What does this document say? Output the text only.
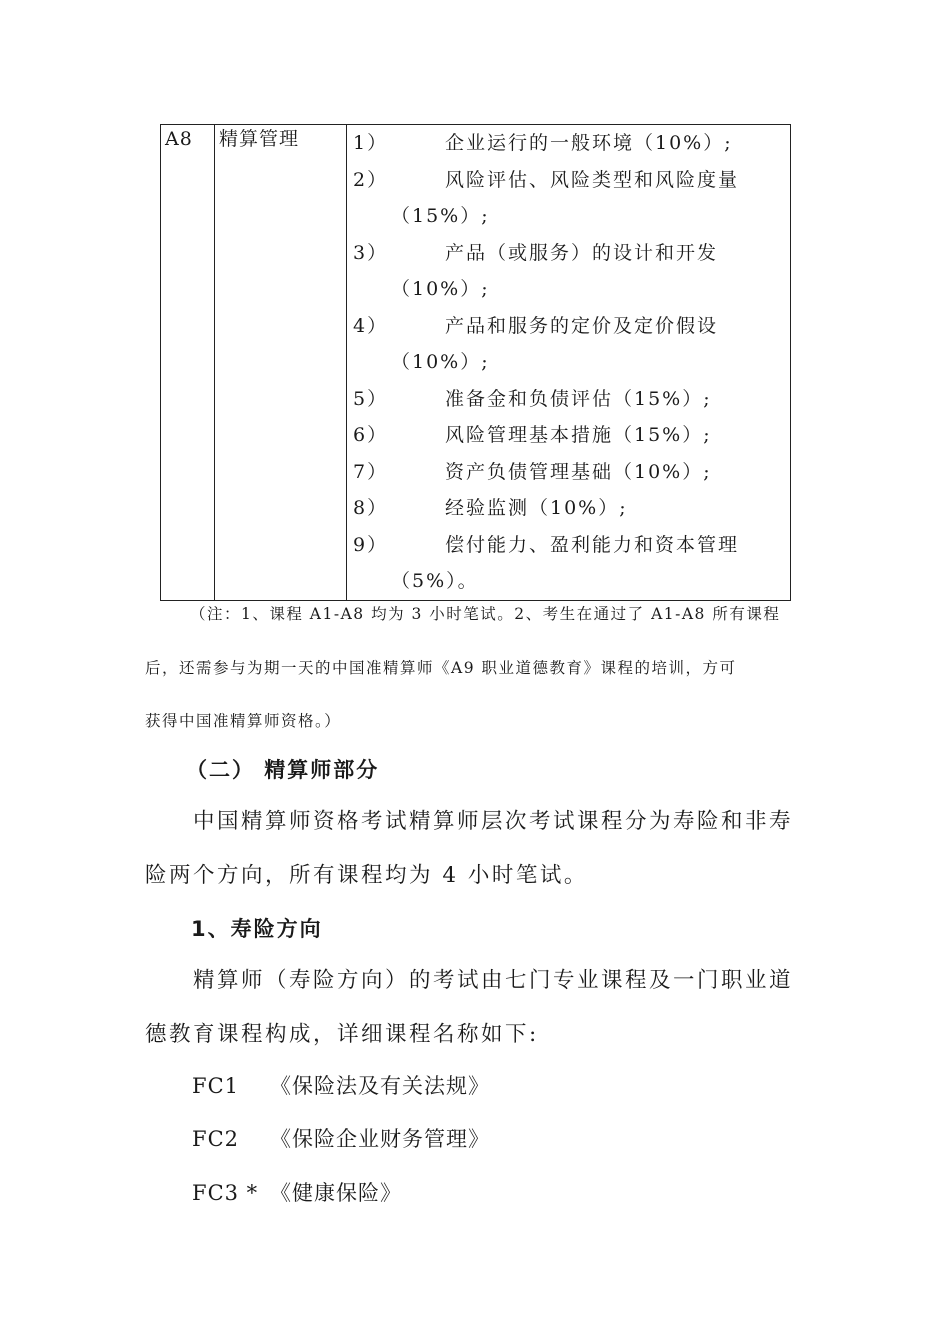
A8	精算管理	1）	企业运行的一般环境（10%）;
2）	风险评估、风险类型和风险度量
（15%）;
3）	产品（或服务）的设计和开发
（10%）;
4）	产品和服务的定价及定价假设
（10%）;
5）	准备金和负债评估（15%）;
6）	风险管理基本措施（15%）;
7）	资产负债管理基础（10%）;
8）	经验监测（10%）;
9）	偿付能力、盈利能力和资本管理
（5%）。
（注：1、课程 A1-A8 均为 3 小时笔试。2、考生在通过了 A1-A8 所有课程
后，还需参与为期一天的中国准精算师《A9 职业道德教育》课程的培训，方可
获得中国准精算师资格。）
（二） 精算师部分
中国精算师资格考试精算师层次考试课程分为寿险和非寿
险两个方向，所有课程均为 4 小时笔试。
1、寿险方向
精算师（寿险方向）的考试由七门专业课程及一门职业道
德教育课程构成，详细课程名称如下:
FC1 《保险法及有关法规》
FC2 《保险企业财务管理》
FC3 * 《健康保险》
